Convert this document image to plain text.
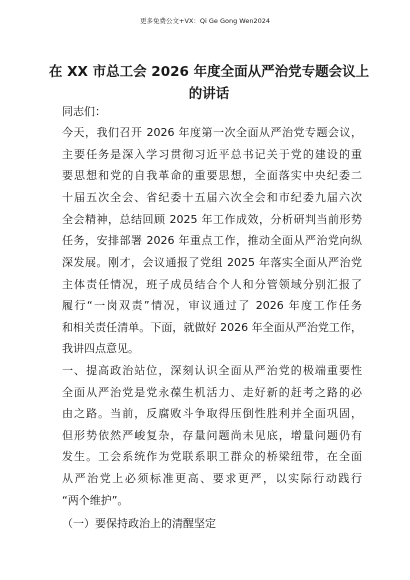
更多免费公文+VX：Qi Ge Gong Wen2024
在 XX 市总工会 2026 年度全面从严治党专题会议上
的讲话
同志们：
今天，我们召开 2026 年度第一次全面从严治党专题会议，
主要任务是深入学习贯彻习近平总书记关于党的建设的重
要思想和党的自我革命的重要思想，全面落实中央纪委二
十届五次全会、省纪委十五届六次全会和市纪委九届六次
全会精神，总结回顾 2025 年工作成效，分析研判当前形势
任务，安排部署 2026 年重点工作，推动全面从严治党向纵
深发展。刚才，会议通报了党组 2025 年落实全面从严治党
主体责任情况，班子成员结合个人和分管领域分别汇报了
履行“一岗双责”情况，审议通过了 2026 年度工作任务
和相关责任清单。下面，就做好 2026 年全面从严治党工作，
我讲四点意见。
一、提高政治站位，深刻认识全面从严治党的极端重要性
全面从严治党是党永葆生机活力、走好新的赶考之路的必
由之路。当前，反腐败斗争取得压倒性胜利并全面巩固，
但形势依然严峻复杂，存量问题尚未见底，增量问题仍有
发生。工会系统作为党联系职工群众的桥梁纽带，在全面
从严治党上必须标准更高、要求更严，以实际行动践行
“两个维护”。
（一）要保持政治上的清醒坚定
